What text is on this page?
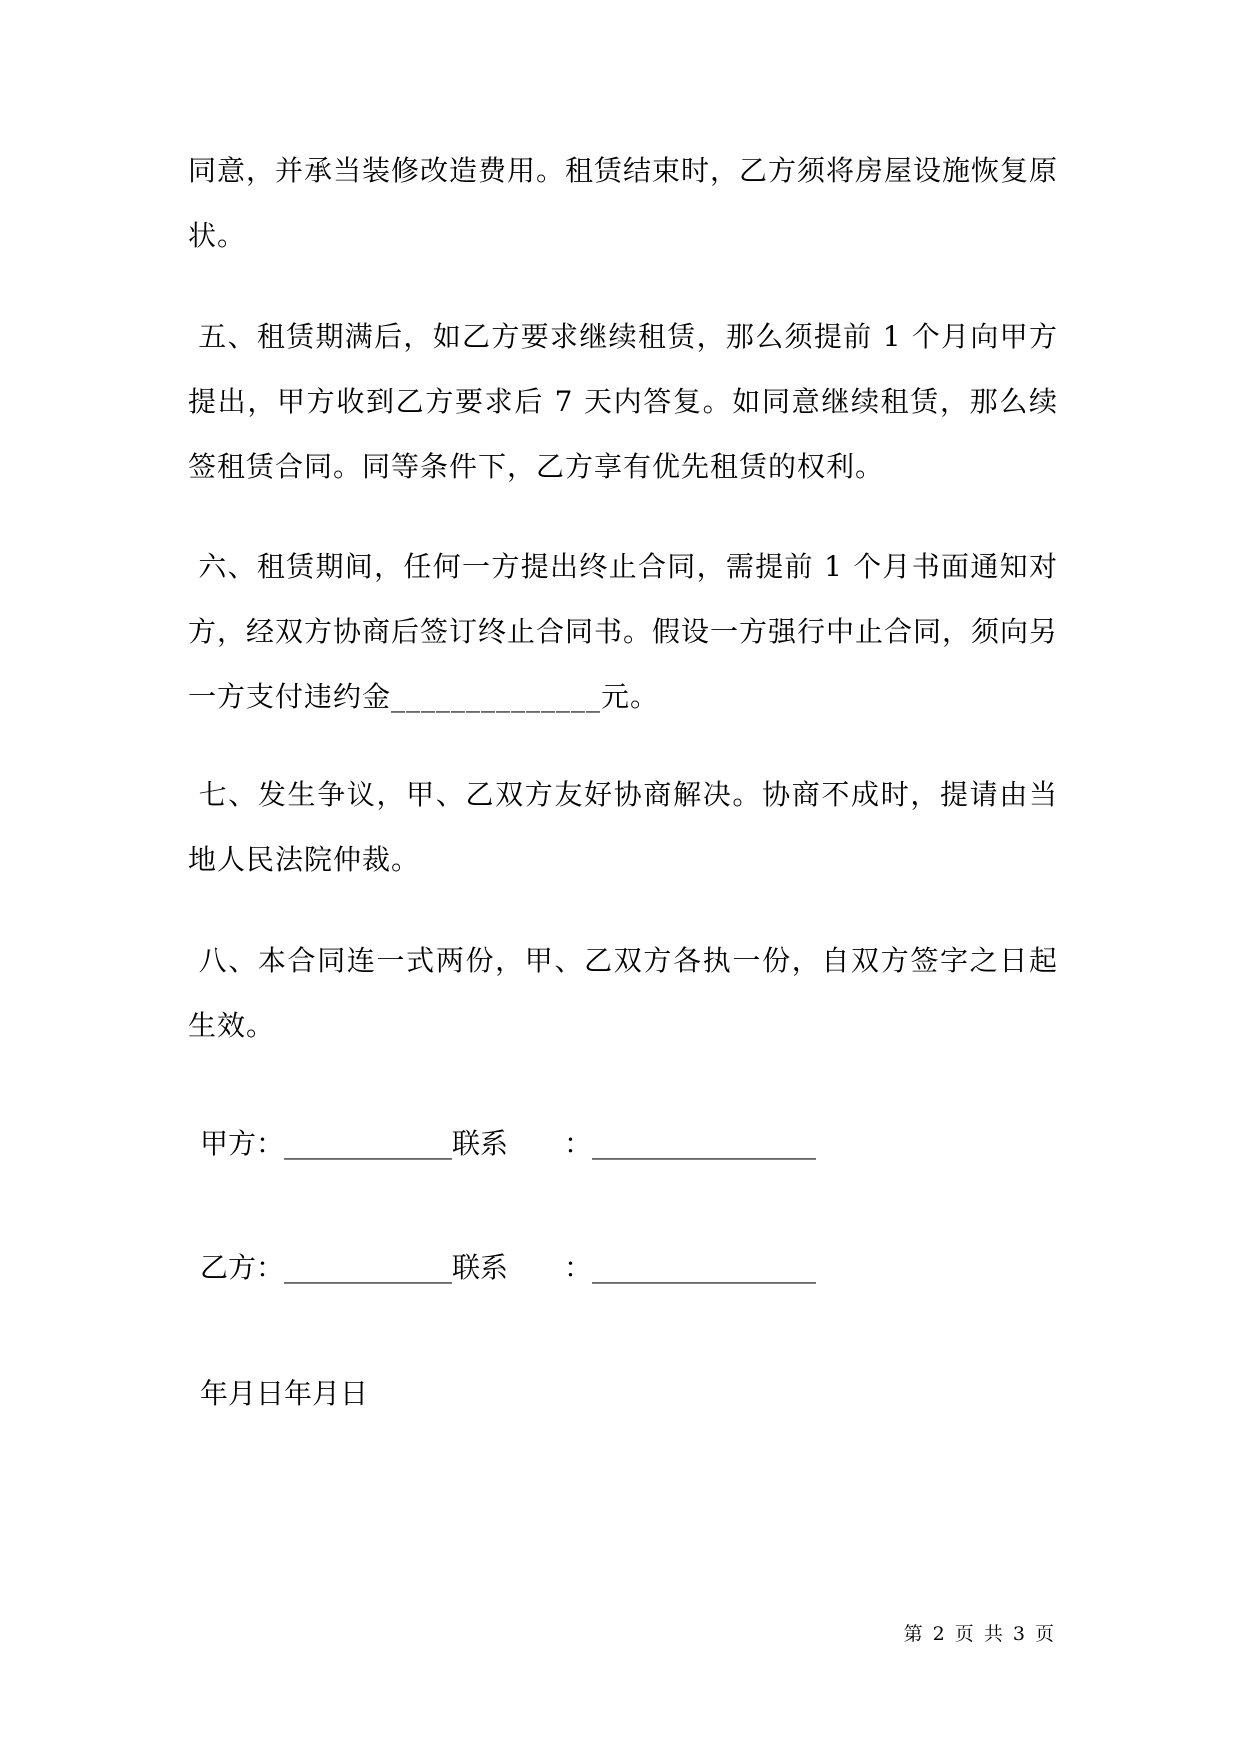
同意，并承当装修改造费用。租赁结束时，乙方须将房屋设施恢复原状。

五、租赁期满后，如乙方要求继续租赁，那么须提前 1 个月向甲方提出，甲方收到乙方要求后 7 天内答复。如同意继续租赁，那么续签租赁合同。同等条件下，乙方享有优先租赁的权利。

六、租赁期间，任何一方提出终止合同，需提前 1 个月书面通知对方，经双方协商后签订终止合同书。假设一方强行中止合同，须向另一方支付违约金______________元。

七、发生争议，甲、乙双方友好协商解决。协商不成时，提请由当地人民法院仲裁。

八、本合同连一式两份，甲、乙双方各执一份，自双方签字之日起生效。

甲方：____________联系　　：________________

乙方：____________联系　　：________________

年月日年月日

第 2 页 共 3 页
